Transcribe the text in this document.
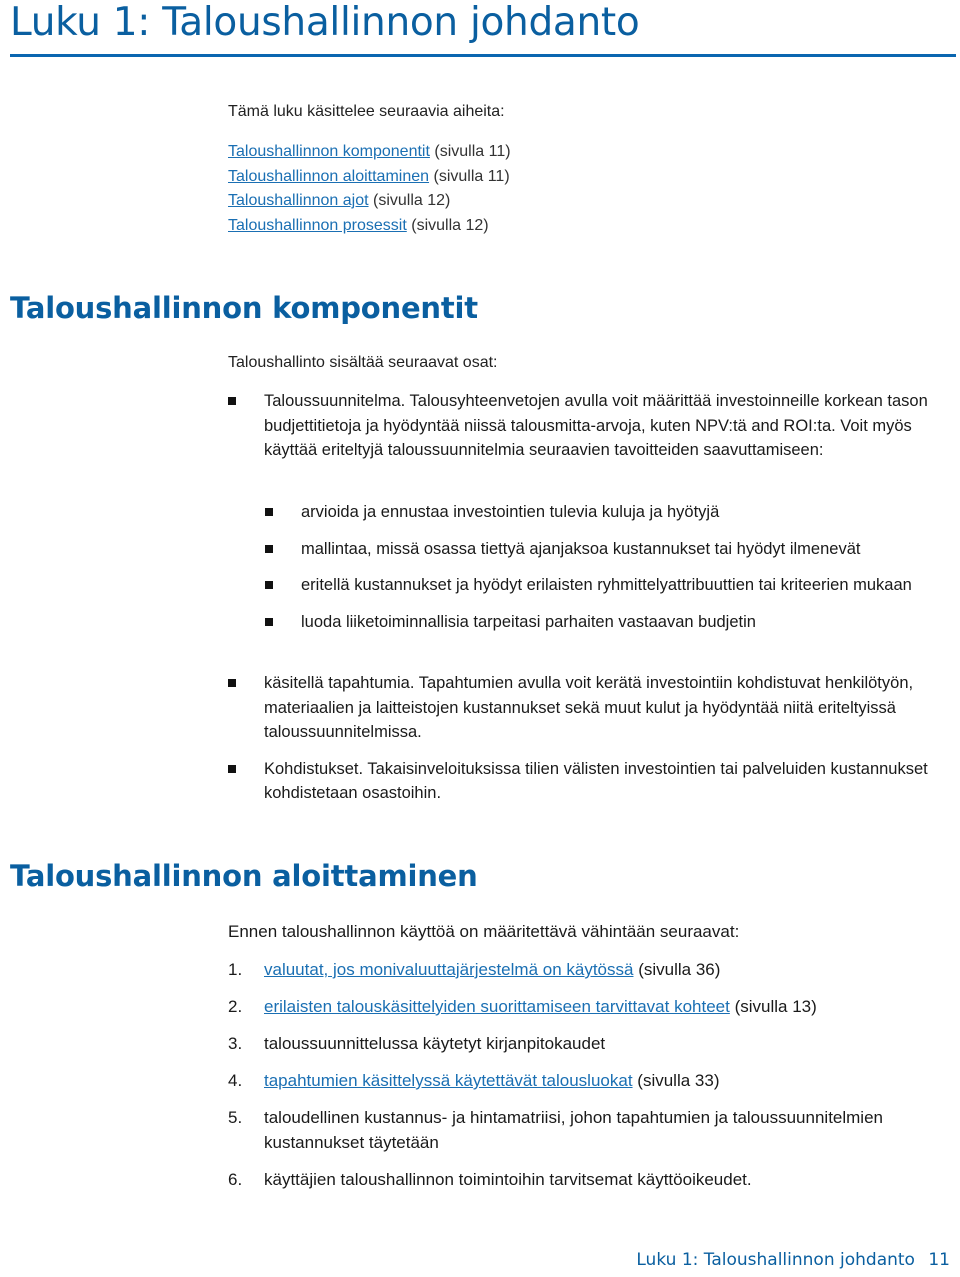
Luku 1: Taloushallinnon johdanto
Tämä luku käsittelee seuraavia aiheita:
Taloushallinnon komponentit (sivulla 11)
Taloushallinnon aloittaminen (sivulla 11)
Taloushallinnon ajot (sivulla 12)
Taloushallinnon prosessit (sivulla 12)
Taloushallinnon komponentit
Taloushallinto sisältää seuraavat osat:
Taloussuunnitelma. Talousyhteenvetojen avulla voit määrittää investoinneille korkean tason budjettitietoja ja hyödyntää niissä talousmitta-arvoja, kuten NPV:tä and ROI:ta. Voit myös käyttää eriteltyjä taloussuunnitelmia seuraavien tavoitteiden saavuttamiseen:
arvioida ja ennustaa investointien tulevia kuluja ja hyötyjä
mallintaa, missä osassa tiettyä ajanjaksoa kustannukset tai hyödyt ilmenevät
eritellä kustannukset ja hyödyt erilaisten ryhmittelyattribuuttien tai kriteerien mukaan
luoda liiketoiminnallisia tarpeitasi parhaiten vastaavan budjetin
käsitellä tapahtumia. Tapahtumien avulla voit kerätä investointiin kohdistuvat henkilötyön, materiaalien ja laitteistojen kustannukset sekä muut kulut ja hyödyntää niitä eriteltyissä taloussuunnitelmissa.
Kohdistukset. Takaisinveloituksissa tilien välisten investointien tai palveluiden kustannukset kohdistetaan osastoihin.
Taloushallinnon aloittaminen
Ennen taloushallinnon käyttöä on määritettävä vähintään seuraavat:
1. valuutat, jos monivaluuttajärjestelmä on käytössä (sivulla 36)
2. erilaisten talouskäsittelyiden suorittamiseen tarvittavat kohteet (sivulla 13)
3. taloussuunnittelussa käytetyt kirjanpitokaudet
4. tapahtumien käsittelyssä käytettävät talousluokat (sivulla 33)
5. taloudellinen kustannus- ja hintamatriisi, johon tapahtumien ja taloussuunnitelmien kustannukset täytetään
6. käyttäjien taloushallinnon toimintoihin tarvitsemat käyttöoikeudet.
Luku 1: Taloushallinnon johdanto 11
